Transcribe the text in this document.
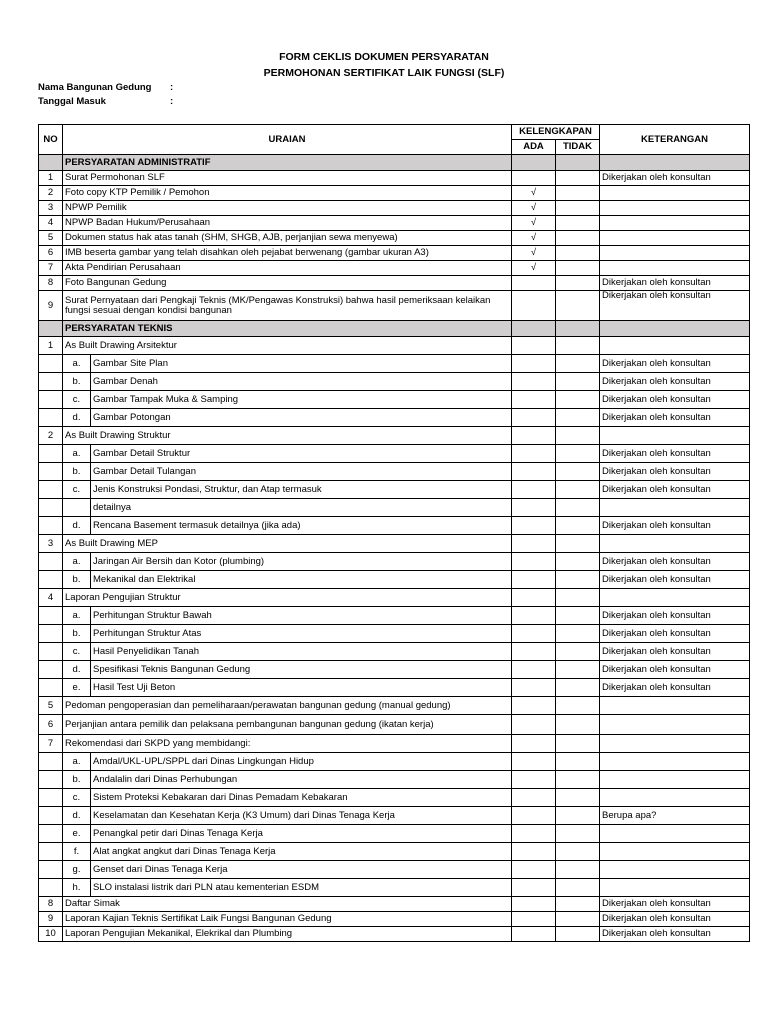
FORM CEKLIS DOKUMEN PERSYARATAN
PERMOHONAN SERTIFIKAT LAIK FUNGSI (SLF)
Nama Bangunan Gedung :
Tanggal Masuk	:
NO	URAIAN		KELENGKAPAN		KETERANGAN
			ADA	TIDAK	
	PERSYARATAN ADMINISTRATIF				
1	Surat Permohonan SLF				Dikerjakan oleh konsultan
2	Foto copy KTP Pemilik / Pemohon		√		
3	NPWP Pemilik		√		
4	NPWP Badan Hukum/Perusahaan		√		
5	Dokumen status hak atas tanah (SHM, SHGB, AJB, perjanjian sewa menyewa)		√		
6	IMB beserta gambar yang telah disahkan oleh pejabat berwenang (gambar ukuran A3)		√		
7	Akta Pendirian Perusahaan		√		
8	Foto Bangunan Gedung				Dikerjakan oleh konsultan
9	Surat Pernyataan dari Pengkaji Teknis (MK/Pengawas Konstruksi) bahwa hasil pemeriksaan kelaikan fungsi sesuai dengan kondisi bangunan				Dikerjakan oleh konsultan
	PERSYARATAN TEKNIS				
1	As Built Drawing Arsitektur				
	a.	Gambar Site Plan			Dikerjakan oleh konsultan
	b.	Gambar Denah			Dikerjakan oleh konsultan
	c.	Gambar Tampak Muka & Samping			Dikerjakan oleh konsultan
	d.	Gambar Potongan			Dikerjakan oleh konsultan
2	As Built Drawing Struktur				
	a.	Gambar Detail Struktur			Dikerjakan oleh konsultan
	b.	Gambar Detail Tulangan			Dikerjakan oleh konsultan
	c.	Jenis Konstruksi Pondasi, Struktur, dan Atap termasuk			Dikerjakan oleh konsultan
		detailnya			
	d.	Rencana Basement termasuk detailnya (jika ada)			Dikerjakan oleh konsultan
3	As Built Drawing MEP				
	a.	Jaringan Air Bersih dan Kotor (plumbing)			Dikerjakan oleh konsultan
	b.	Mekanikal dan Elektrikal			Dikerjakan oleh konsultan
4	Laporan Pengujian Struktur				
	a.	Perhitungan Struktur Bawah			Dikerjakan oleh konsultan
	b.	Perhitungan Struktur Atas			Dikerjakan oleh konsultan
	c.	Hasil Penyelidikan Tanah			Dikerjakan oleh konsultan
	d.	Spesifikasi Teknis Bangunan Gedung			Dikerjakan oleh konsultan
	e.	Hasil Test Uji Beton			Dikerjakan oleh konsultan
5	Pedoman pengoperasian dan pemeliharaan/perawatan bangunan gedung (manual gedung)				
6	Perjanjian antara pemilik dan pelaksana pembangunan bangunan gedung (ikatan kerja)				
7	Rekomendasi dari SKPD yang membidangi:				
	a.	Amdal/UKL-UPL/SPPL dari Dinas Lingkungan Hidup			
	b.	Andalalin dari Dinas Perhubungan			
	c.	Sistem Proteksi Kebakaran dari Dinas Pemadam Kebakaran			
	d.	Keselamatan dan Kesehatan Kerja (K3 Umum) dari Dinas Tenaga Kerja			Berupa apa?
	e.	Penangkal petir dari Dinas Tenaga Kerja			
	f.	Alat angkat angkut dari Dinas Tenaga Kerja			
	g.	Genset dari Dinas Tenaga Kerja			
	h.	SLO instalasi listrik dari PLN atau kementerian ESDM			
8	Daftar Simak				Dikerjakan oleh konsultan
9	Laporan Kajian Teknis Sertifikat Laik Fungsi Bangunan Gedung				Dikerjakan oleh konsultan
10	Laporan Pengujian Mekanikal, Elekrikal dan Plumbing				Dikerjakan oleh konsultan
